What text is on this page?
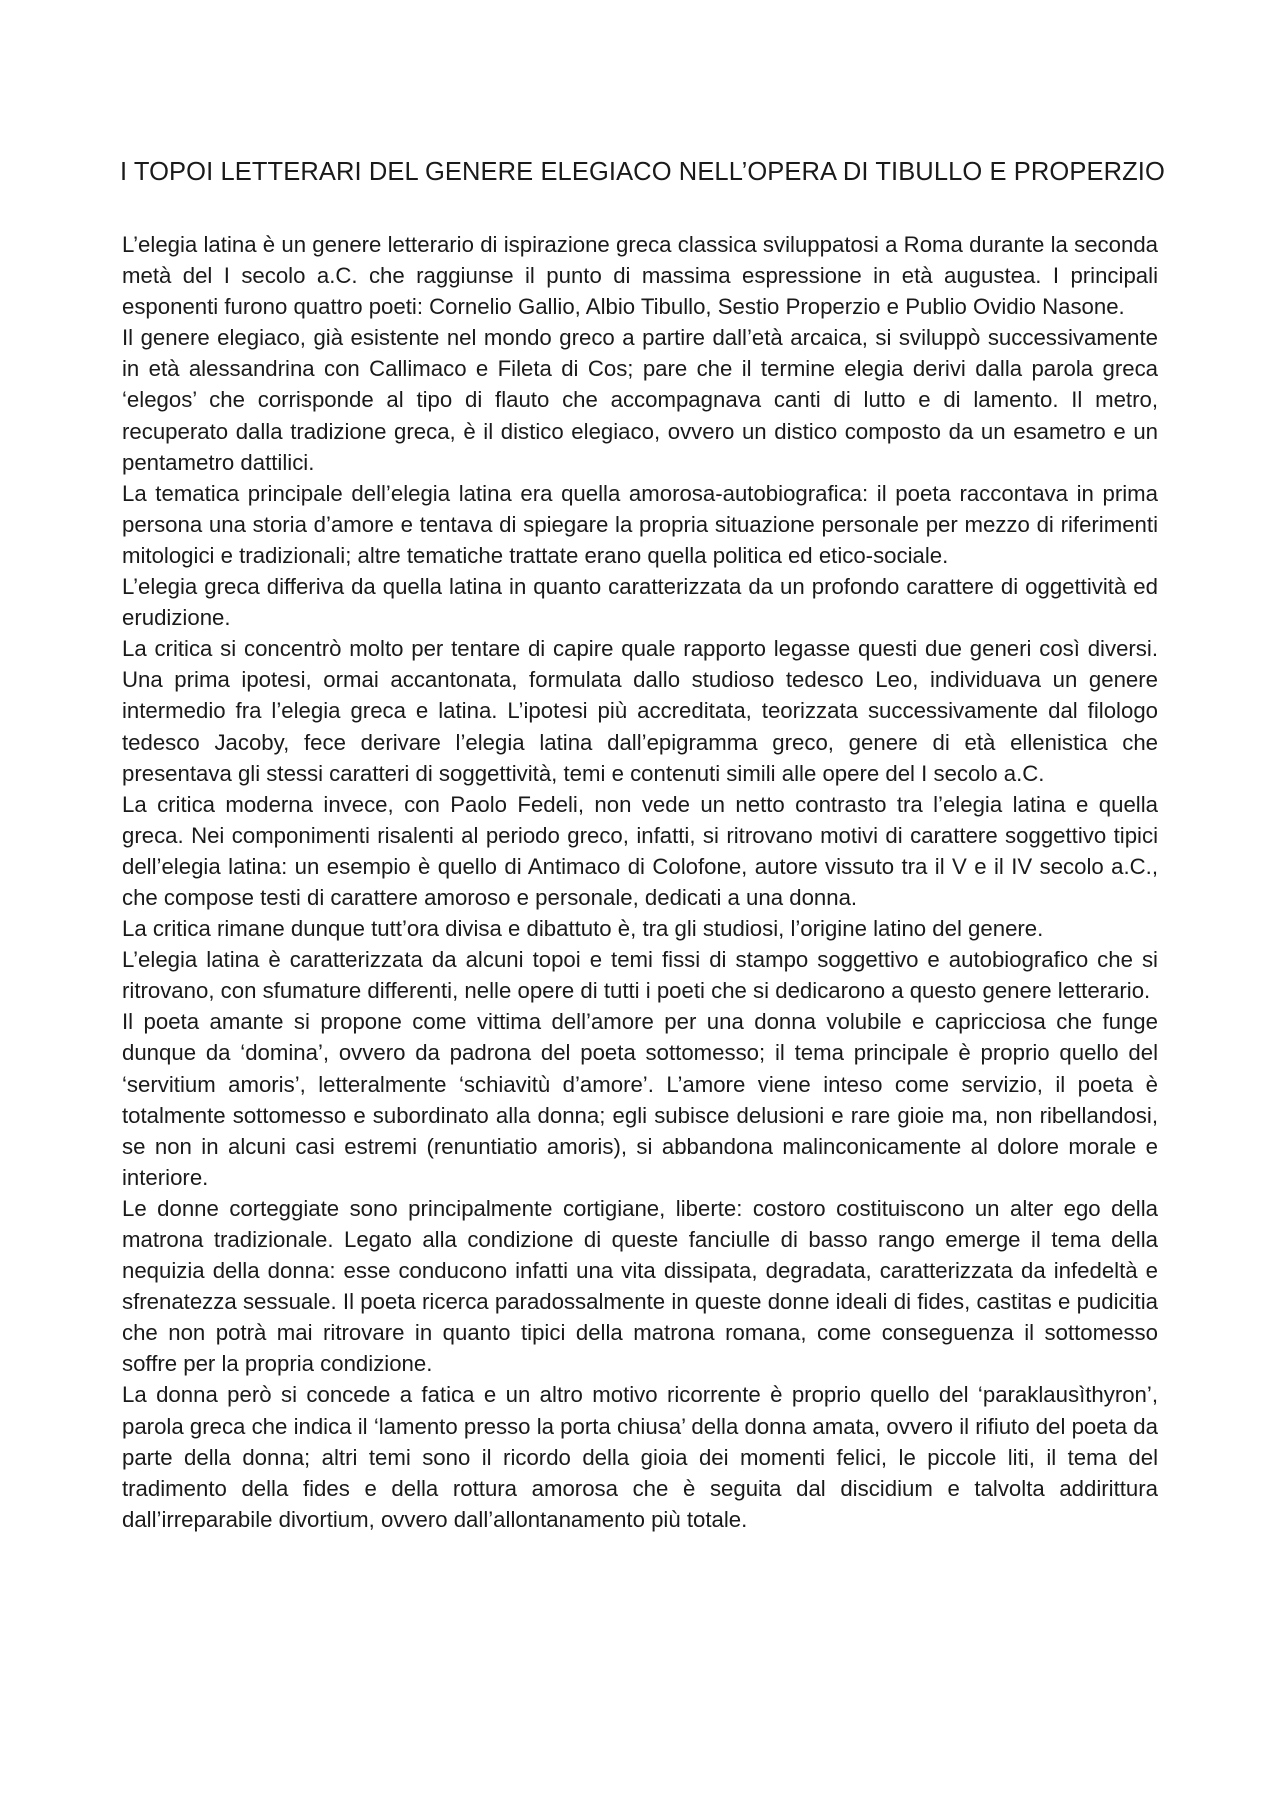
I TOPOI LETTERARI DEL GENERE ELEGIACO NELL’OPERA DI TIBULLO E PROPERZIO

L’elegia latina è un genere letterario di ispirazione greca classica sviluppatosi a Roma durante la seconda metà del I secolo a.C. che raggiunse il punto di massima espressione in età augustea. I principali esponenti furono quattro poeti: Cornelio Gallio, Albio Tibullo, Sestio Properzio e Publio Ovidio Nasone.

Il genere elegiaco, già esistente nel mondo greco a partire dall’età arcaica, si sviluppò successivamente in età alessandrina con Callimaco e Fileta di Cos; pare che il termine elegia derivi dalla parola greca ‘elegos’ che corrisponde al tipo di flauto che accompagnava canti di lutto e di lamento. Il metro, recuperato dalla tradizione greca, è il distico elegiaco, ovvero un distico composto da un esametro e un pentametro dattilici.

La tematica principale dell’elegia latina era quella amorosa-autobiografica: il poeta raccontava in prima persona una storia d’amore e tentava di spiegare la propria situazione personale per mezzo di riferimenti mitologici e tradizionali; altre tematiche trattate erano quella politica ed etico-sociale.

L’elegia greca differiva da quella latina in quanto caratterizzata da un profondo carattere di oggettività ed erudizione.

La critica si concentrò molto per tentare di capire quale rapporto legasse questi due generi così diversi. Una prima ipotesi, ormai accantonata, formulata dallo studioso tedesco Leo, individuava un genere intermedio fra l’elegia greca e latina. L’ipotesi più accreditata, teorizzata successivamente dal filologo tedesco Jacoby, fece derivare l’elegia latina dall’epigramma greco, genere di età ellenistica che presentava gli stessi caratteri di soggettività, temi e contenuti simili alle opere del I secolo a.C.

La critica moderna invece, con Paolo Fedeli, non vede un netto contrasto tra l’elegia latina e quella greca. Nei componimenti risalenti al periodo greco, infatti, si ritrovano motivi di carattere soggettivo tipici dell’elegia latina: un esempio è quello di Antimaco di Colofone, autore vissuto tra il V e il IV secolo a.C., che compose testi di carattere amoroso e personale, dedicati a una donna.

La critica rimane dunque tutt’ora divisa e dibattuto è, tra gli studiosi, l’origine latino del genere.

L’elegia latina è caratterizzata da alcuni topoi e temi fissi di stampo soggettivo e autobiografico che si ritrovano, con sfumature differenti, nelle opere di tutti i poeti che si dedicarono a questo genere letterario.

Il poeta amante si propone come vittima dell’amore per una donna volubile e capricciosa che funge dunque da ‘domina’, ovvero da padrona del poeta sottomesso; il tema principale è proprio quello del ‘servitium amoris’, letteralmente ‘schiavitù d’amore’. L’amore viene inteso come servizio, il poeta è totalmente sottomesso e subordinato alla donna; egli subisce delusioni e rare gioie ma, non ribellandosi, se non in alcuni casi estremi (renuntiatio amoris), si abbandona malinconicamente al dolore morale e interiore.

Le donne corteggiate sono principalmente cortigiane, liberte: costoro costituiscono un alter ego della matrona tradizionale. Legato alla condizione di queste fanciulle di basso rango emerge il tema della nequizia della donna: esse conducono infatti una vita dissipata, degradata, caratterizzata da infedeltà e sfrenatezza sessuale. Il poeta ricerca paradossalmente in queste donne ideali di fides, castitas e pudicitia che non potrà mai ritrovare in quanto tipici della matrona romana, come conseguenza il sottomesso soffre per la propria condizione.

La donna però si concede a fatica e un altro motivo ricorrente è proprio quello del ‘paraklausìthyron’, parola greca che indica il ‘lamento presso la porta chiusa’ della donna amata, ovvero il rifiuto del poeta da parte della donna; altri temi sono il ricordo della gioia dei momenti felici, le piccole liti, il tema del tradimento della fides e della rottura amorosa che è seguita dal discidium e talvolta addirittura dall’irreparabile divortium, ovvero dall’allontanamento più totale.
